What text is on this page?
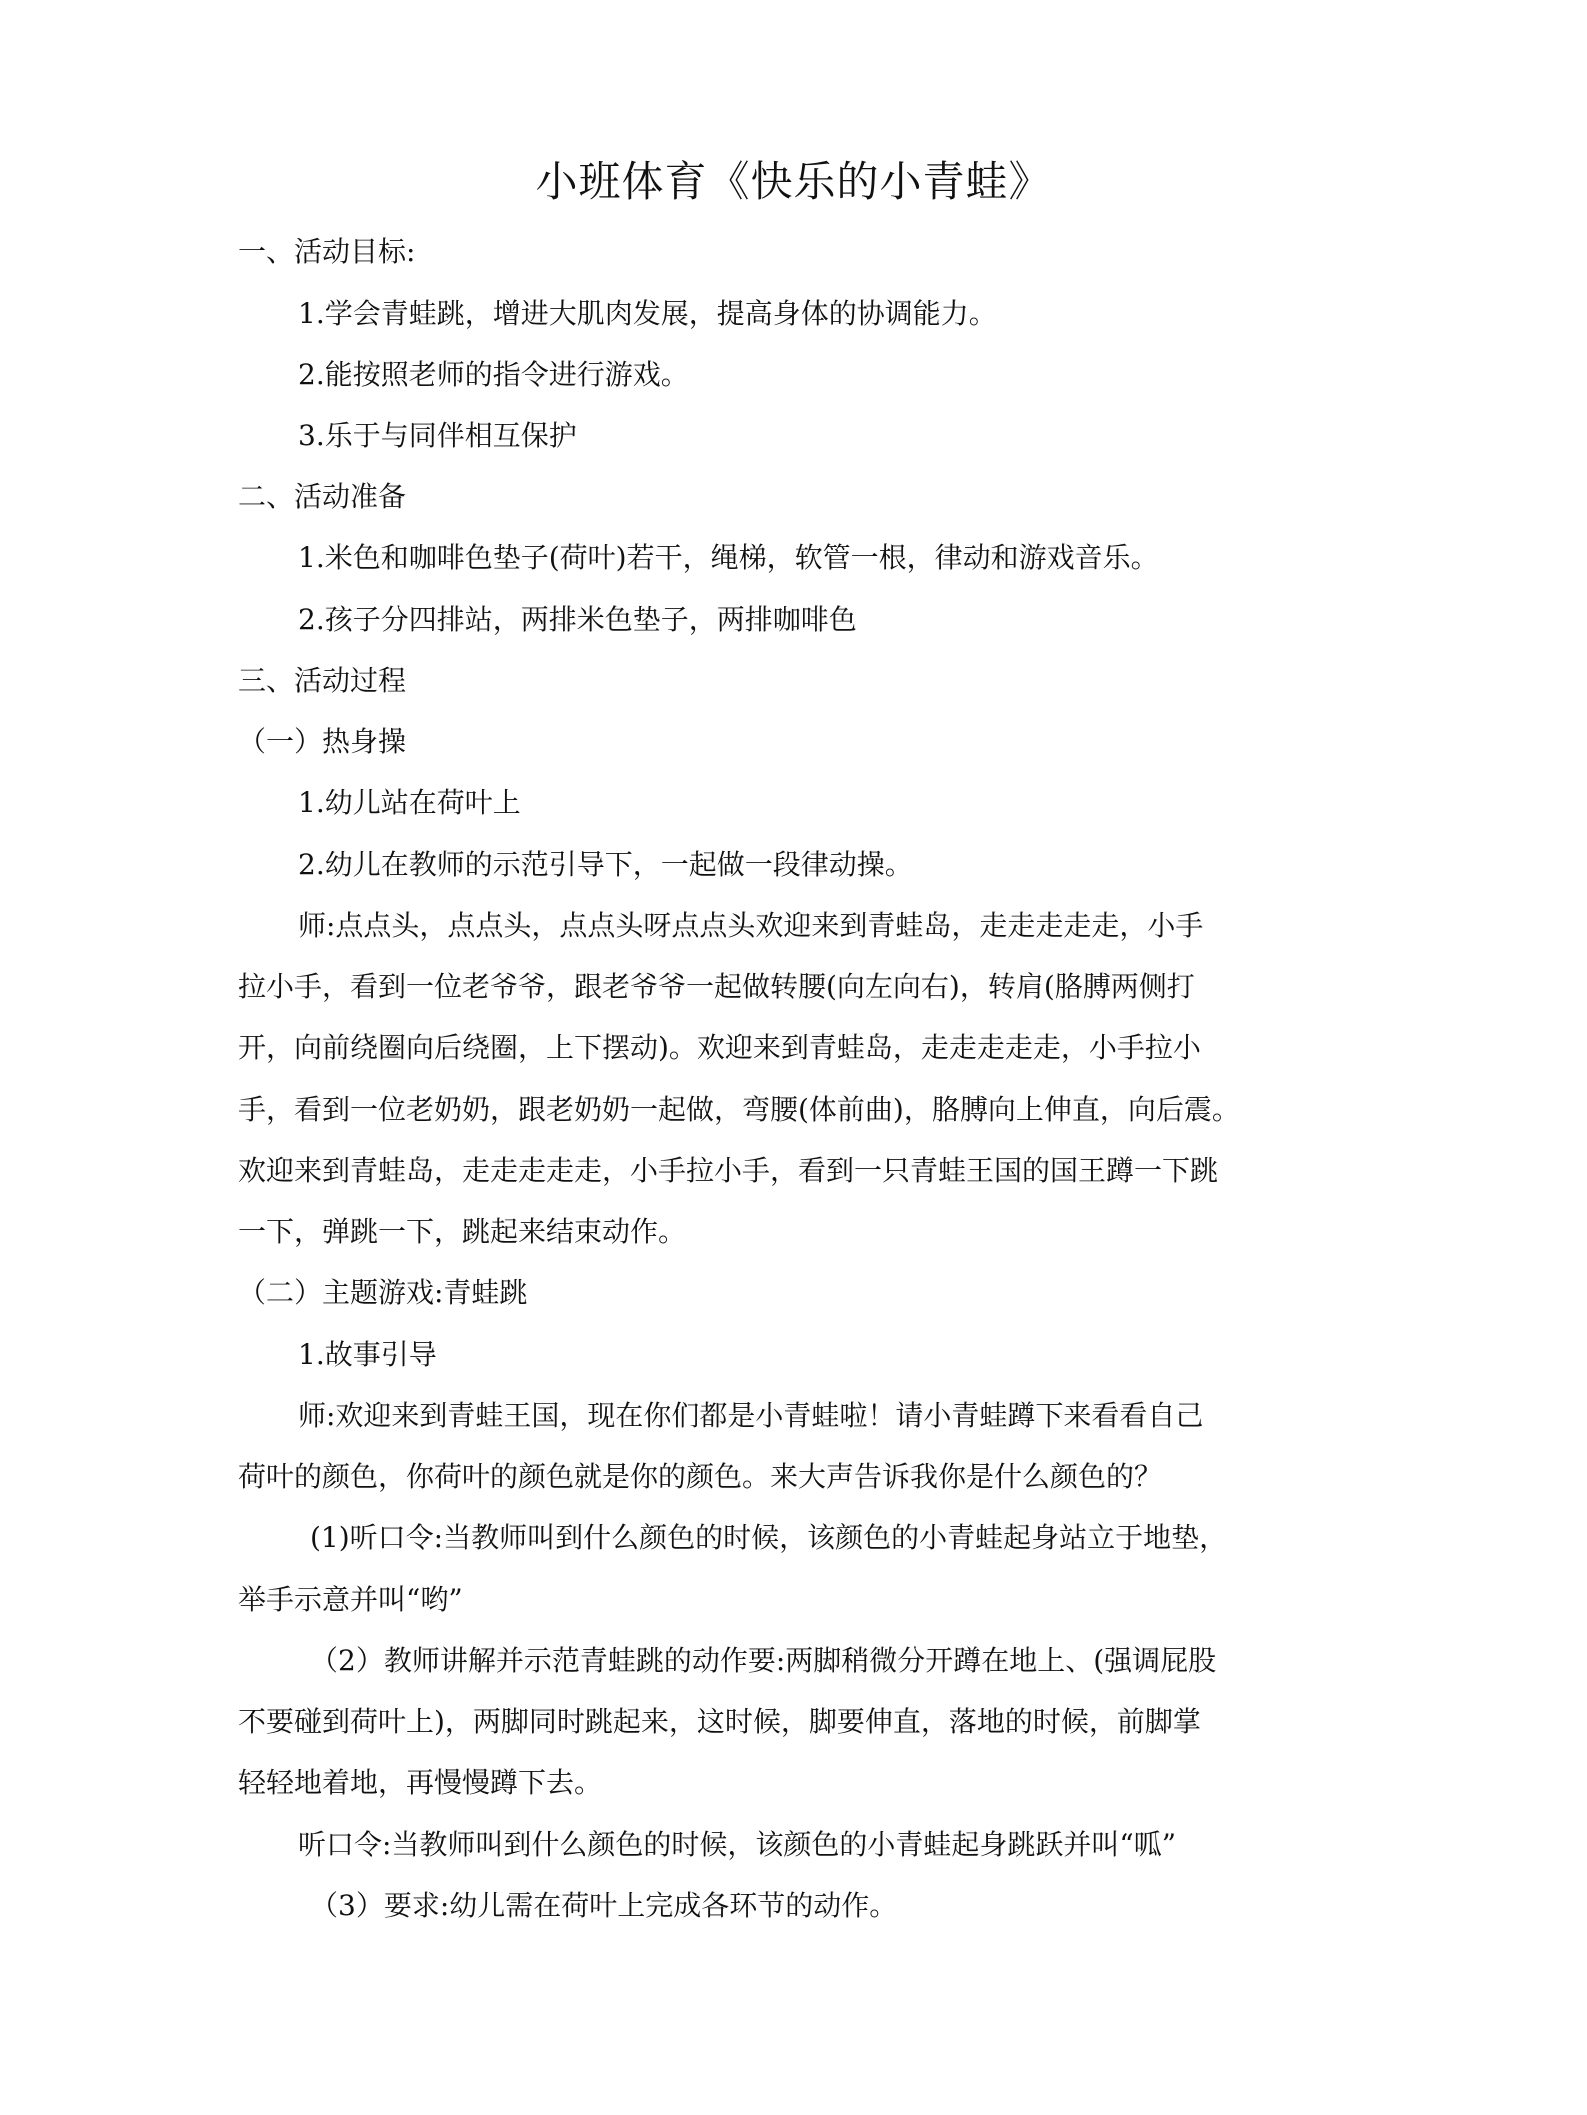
小班体育《快乐的小青蛙》

一、活动目标:

1.学会青蛙跳，增进大肌肉发展，提高身体的协调能力。

2.能按照老师的指令进行游戏。

3.乐于与同伴相互保护

二、活动准备

1.米色和咖啡色垫子(荷叶)若干，绳梯，软管一根，律动和游戏音乐。

2.孩子分四排站，两排米色垫子，两排咖啡色

三、活动过程

（一）热身操

1.幼儿站在荷叶上

2.幼儿在教师的示范引导下，一起做一段律动操。

师:点点头，点点头，点点头呀点点头欢迎来到青蛙岛，走走走走走，小手

拉小手，看到一位老爷爷，跟老爷爷一起做转腰(向左向右)，转肩(胳膊两侧打

开，向前绕圈向后绕圈，上下摆动)。欢迎来到青蛙岛，走走走走走，小手拉小

手，看到一位老奶奶，跟老奶奶一起做，弯腰(体前曲)，胳膊向上伸直，向后震。

欢迎来到青蛙岛，走走走走走，小手拉小手，看到一只青蛙王国的国王蹲一下跳

一下，弹跳一下，跳起来结束动作。

（二）主题游戏:青蛙跳

1.故事引导

师:欢迎来到青蛙王国，现在你们都是小青蛙啦！请小青蛙蹲下来看看自己

荷叶的颜色，你荷叶的颜色就是你的颜色。来大声告诉我你是什么颜色的？

(1)听口令:当教师叫到什么颜色的时候，该颜色的小青蛙起身站立于地垫，

举手示意并叫“哟”

（2）教师讲解并示范青蛙跳的动作要:两脚稍微分开蹲在地上、(强调屁股

不要碰到荷叶上)，两脚同时跳起来，这时候，脚要伸直，落地的时候，前脚掌

轻轻地着地，再慢慢蹲下去。

听口令:当教师叫到什么颜色的时候，该颜色的小青蛙起身跳跃并叫“呱”

（3）要求:幼儿需在荷叶上完成各环节的动作。
